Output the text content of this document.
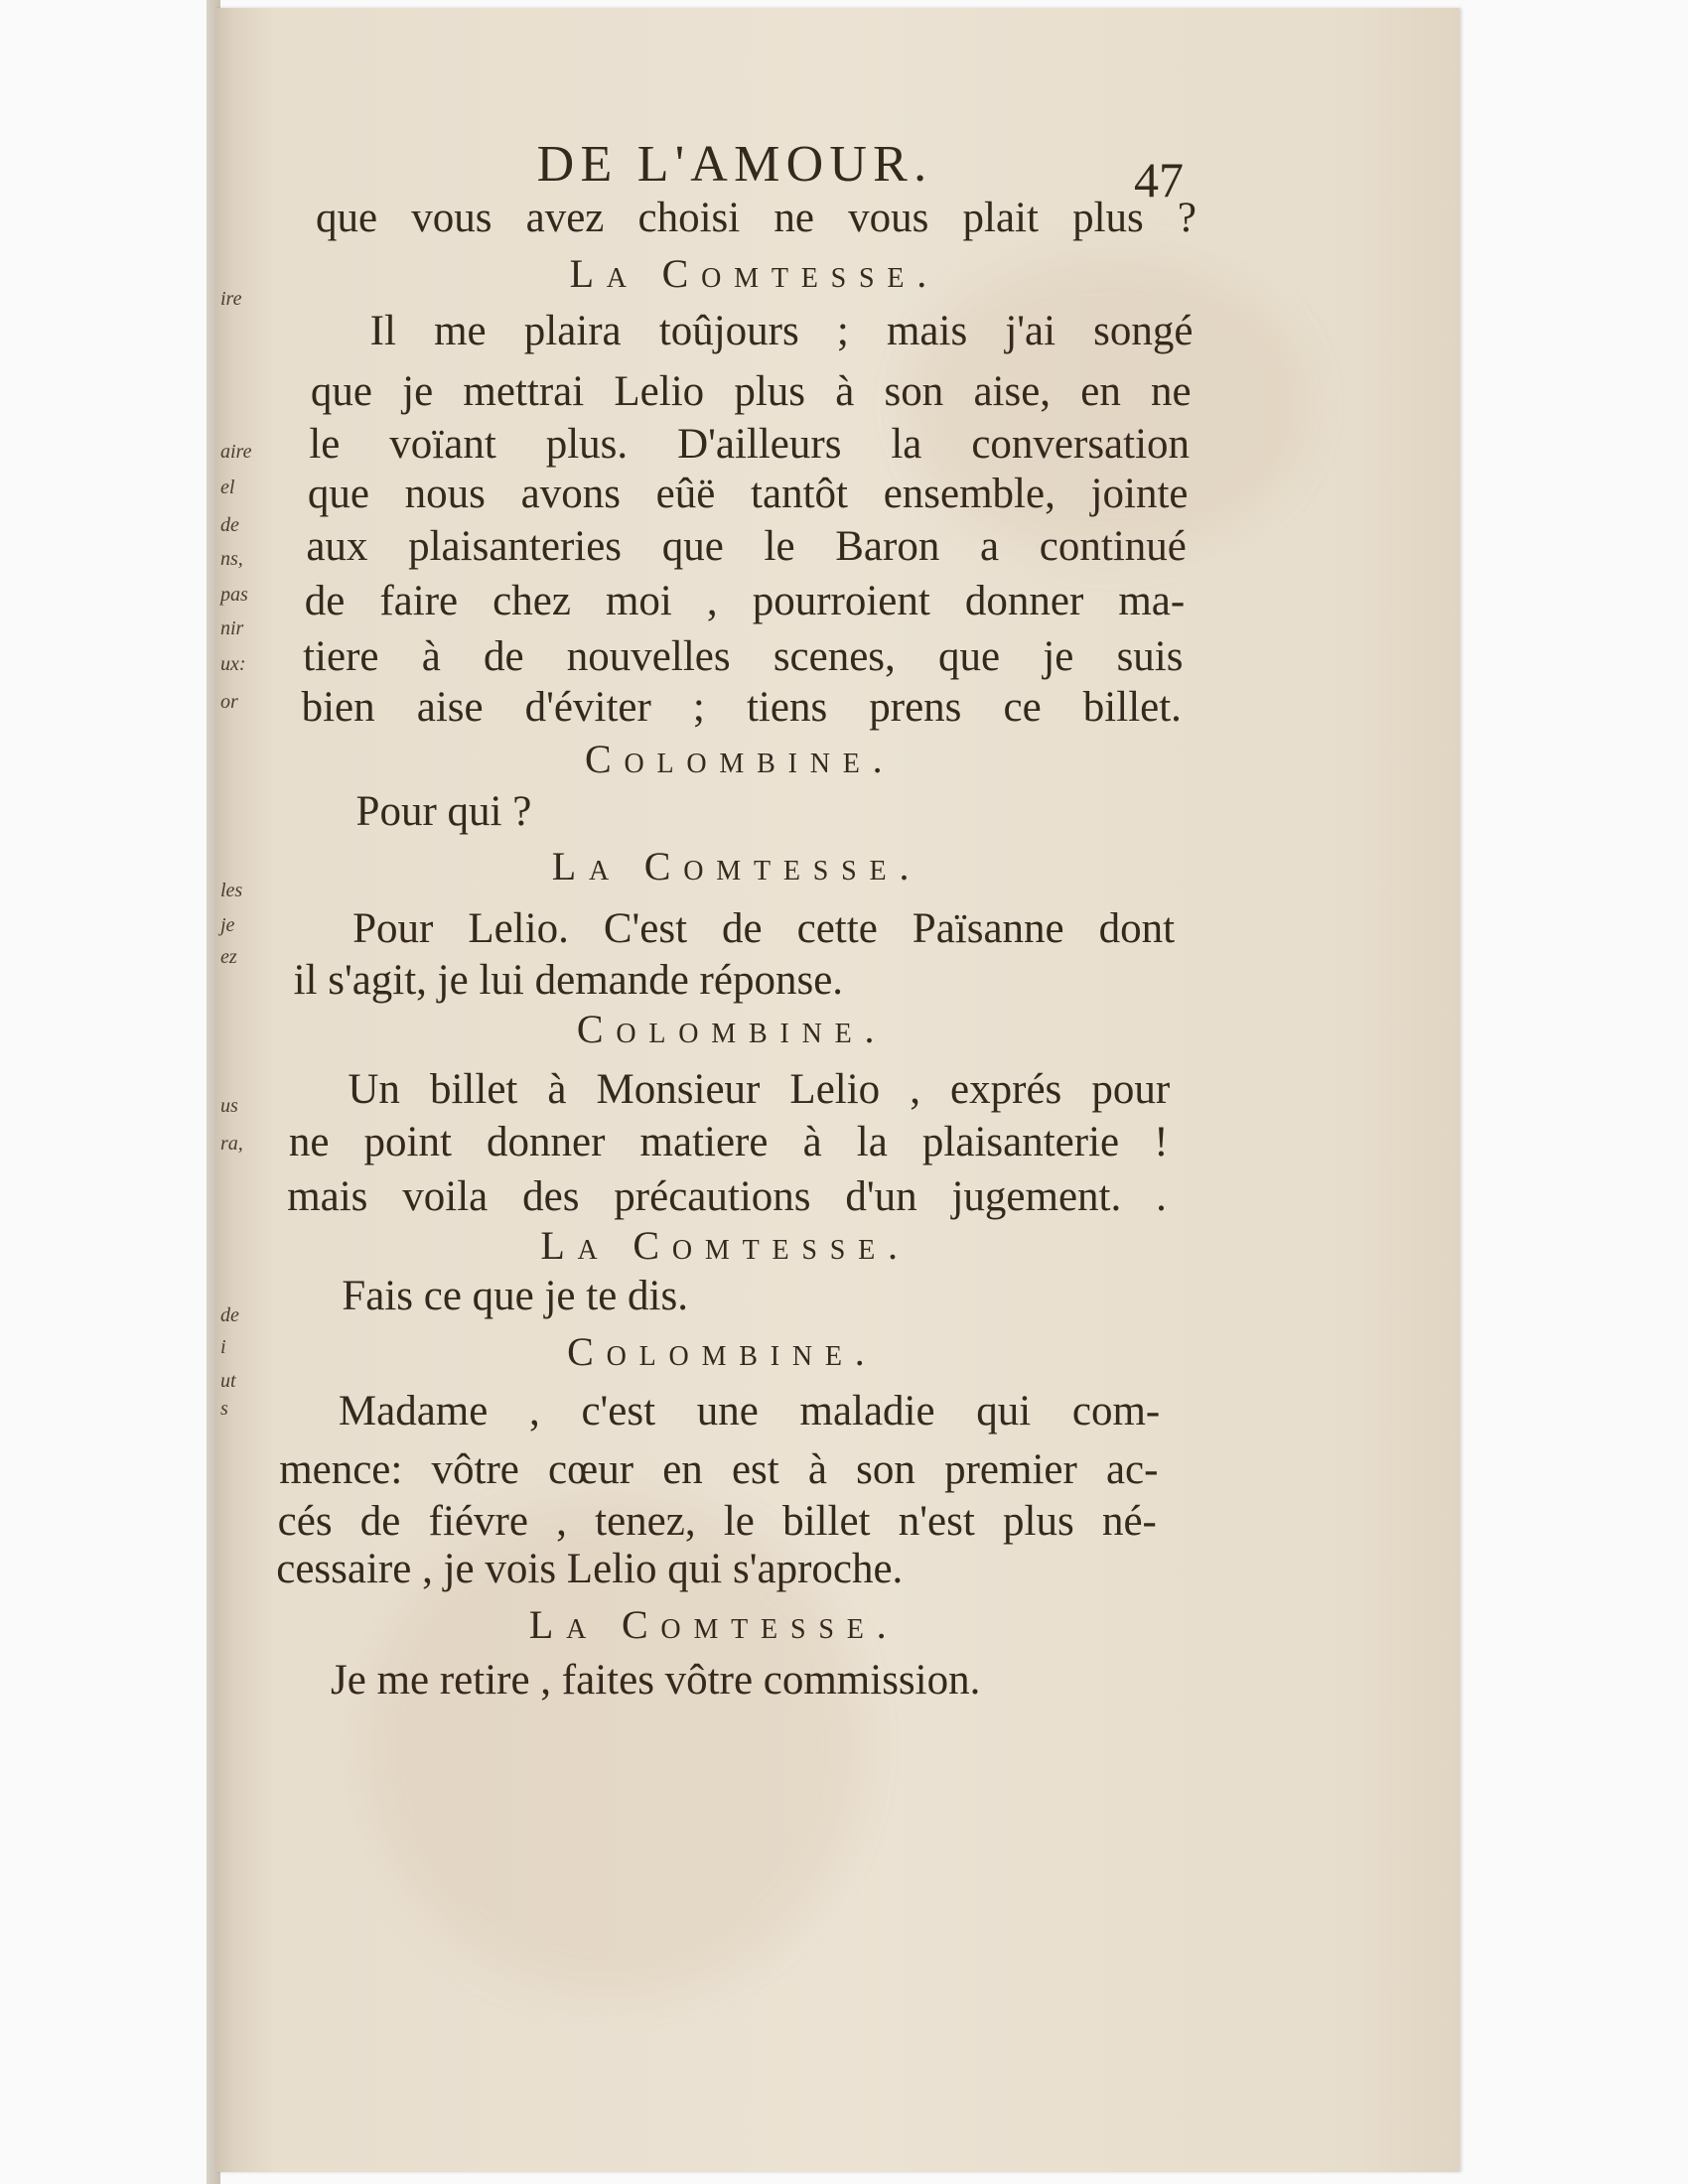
ire
aire
el
de
ns,
pas
nir
ux:
or
les
je
ez
us
ra,
de
i
ut
s
DE L'AMOUR.	47
que vous avez choisi ne vous plait plus ?
La Comtesse.
Il me plaira toûjours ; mais j'ai songé
que je mettrai Lelio plus à son aise, en ne
le voïant plus. D'ailleurs la conversation
que nous avons eûë tantôt ensemble, jointe
aux plaisanteries que le Baron a continué
de faire chez moi , pourroient donner ma-
tiere à de nouvelles scenes, que je suis
bien aise d'éviter ; tiens prens ce billet.
Colombine.
Pour qui ?
La Comtesse.
Pour Lelio. C'est de cette Païsanne dont
il s'agit, je lui demande réponse.
Colombine.
Un billet à Monsieur Lelio , exprés pour
ne point donner matiere à la plaisanterie !
mais voila des précautions d'un jugement. .
La Comtesse.
Fais ce que je te dis.
Colombine.
Madame , c'est une maladie qui com-
mence: vôtre cœur en est à son premier ac-
cés de fiévre , tenez, le billet n'est plus né-
cessaire , je vois Lelio qui s'aproche.
La Comtesse.
Je me retire , faites vôtre commission.
